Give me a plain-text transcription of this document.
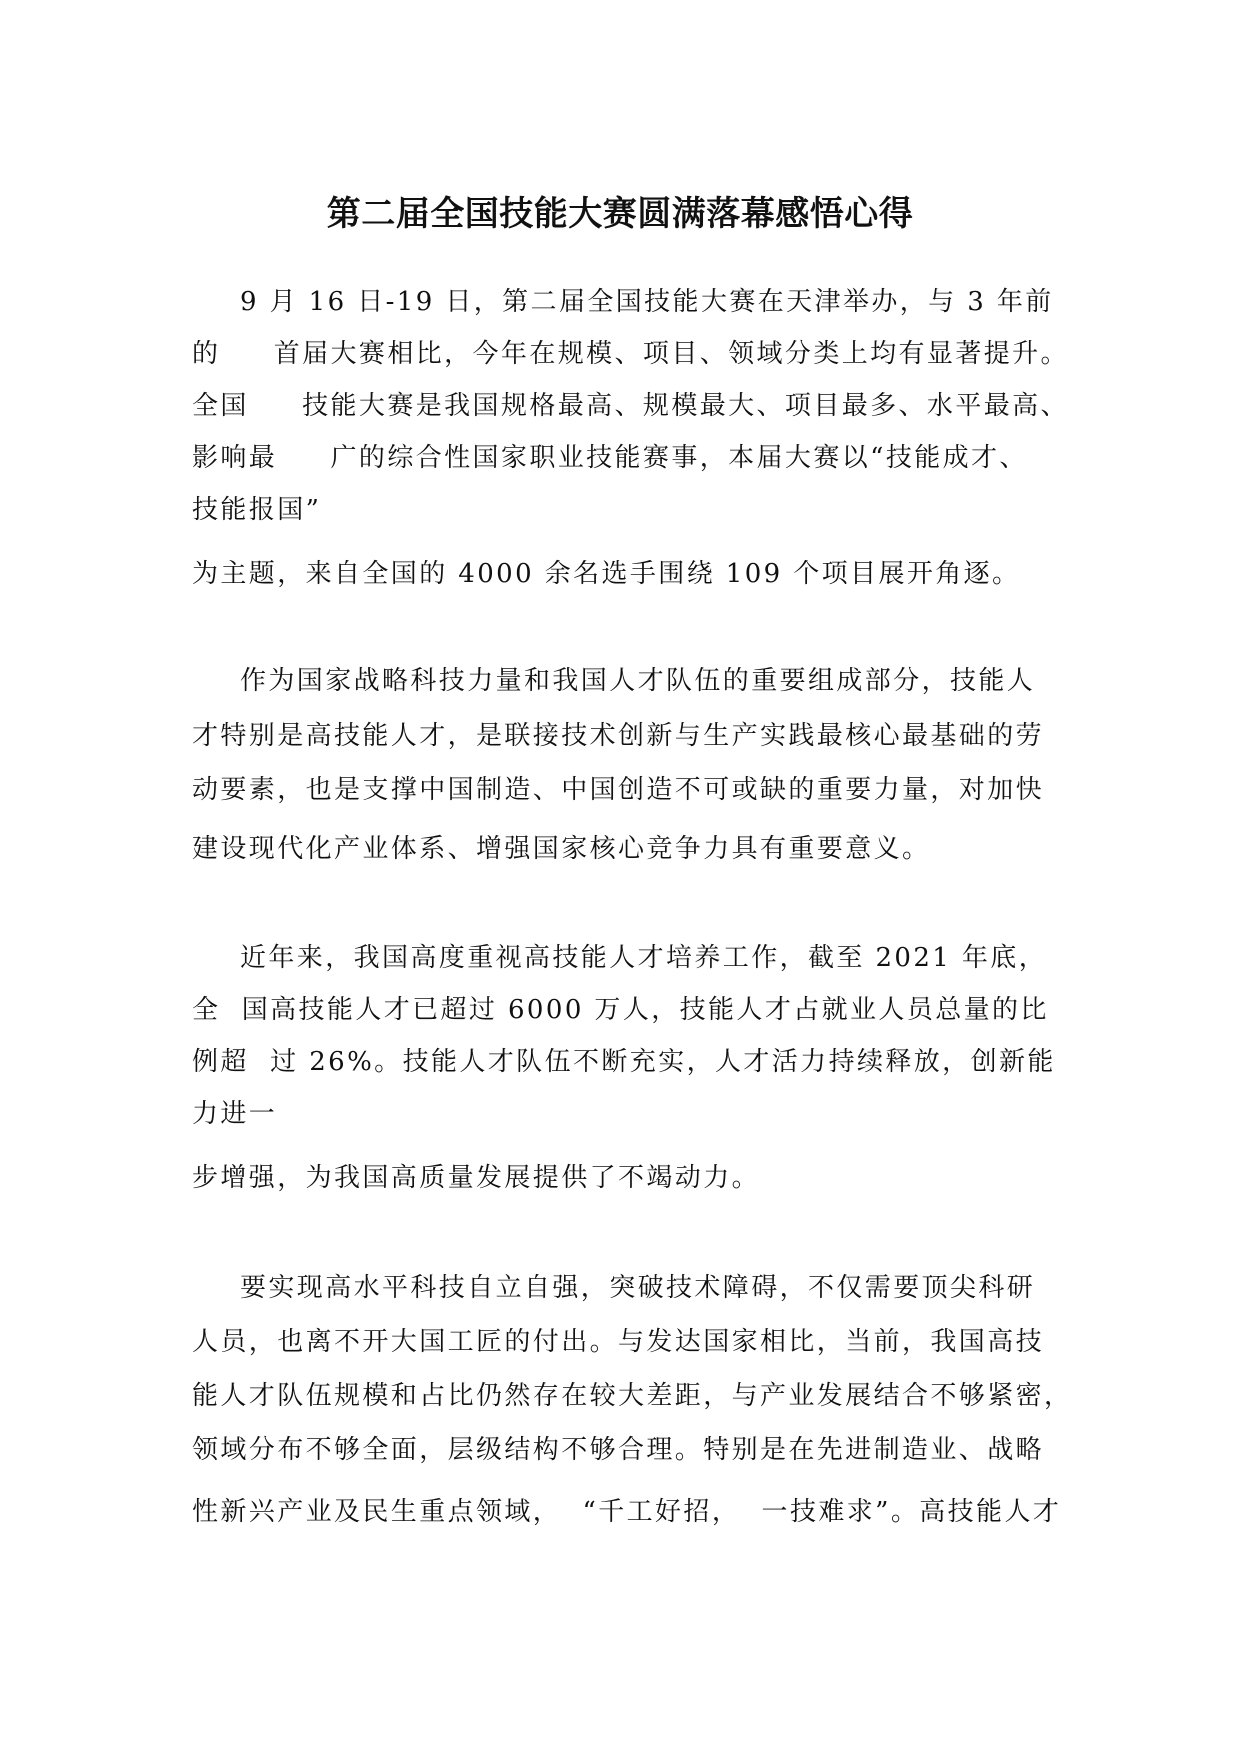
第二届全国技能大赛圆满落幕感悟心得
9 月 16 日-19 日，第二届全国技能大赛在天津举办，与 3 年前
的     首届大赛相比，今年在规模、项目、领域分类上均有显著提升。
全国     技能大赛是我国规格最高、规模最大、项目最多、水平最高、
影响最     广的综合性国家职业技能赛事，本届大赛以“技能成才、
技能报国”
为主题，来自全国的 4000 余名选手围绕 109 个项目展开角逐。
作为国家战略科技力量和我国人才队伍的重要组成部分，技能人
才特别是高技能人才，是联接技术创新与生产实践最核心最基础的劳
动要素，也是支撑中国制造、中国创造不可或缺的重要力量，对加快
建设现代化产业体系、增强国家核心竞争力具有重要意义。
近年来，我国高度重视高技能人才培养工作，截至 2021 年底，
全  国高技能人才已超过 6000 万人，技能人才占就业人员总量的比
例超  过 26%。技能人才队伍不断充实，人才活力持续释放，创新能
力进一
步增强，为我国高质量发展提供了不竭动力。
要实现高水平科技自立自强，突破技术障碍，不仅需要顶尖科研
人员，也离不开大国工匠的付出。与发达国家相比，当前，我国高技
能人才队伍规模和占比仍然存在较大差距，与产业发展结合不够紧密，
领域分布不够全面，层级结构不够合理。特别是在先进制造业、战略
性新兴产业及民生重点领域，  “千工好招，  一技难求”。高技能人才
